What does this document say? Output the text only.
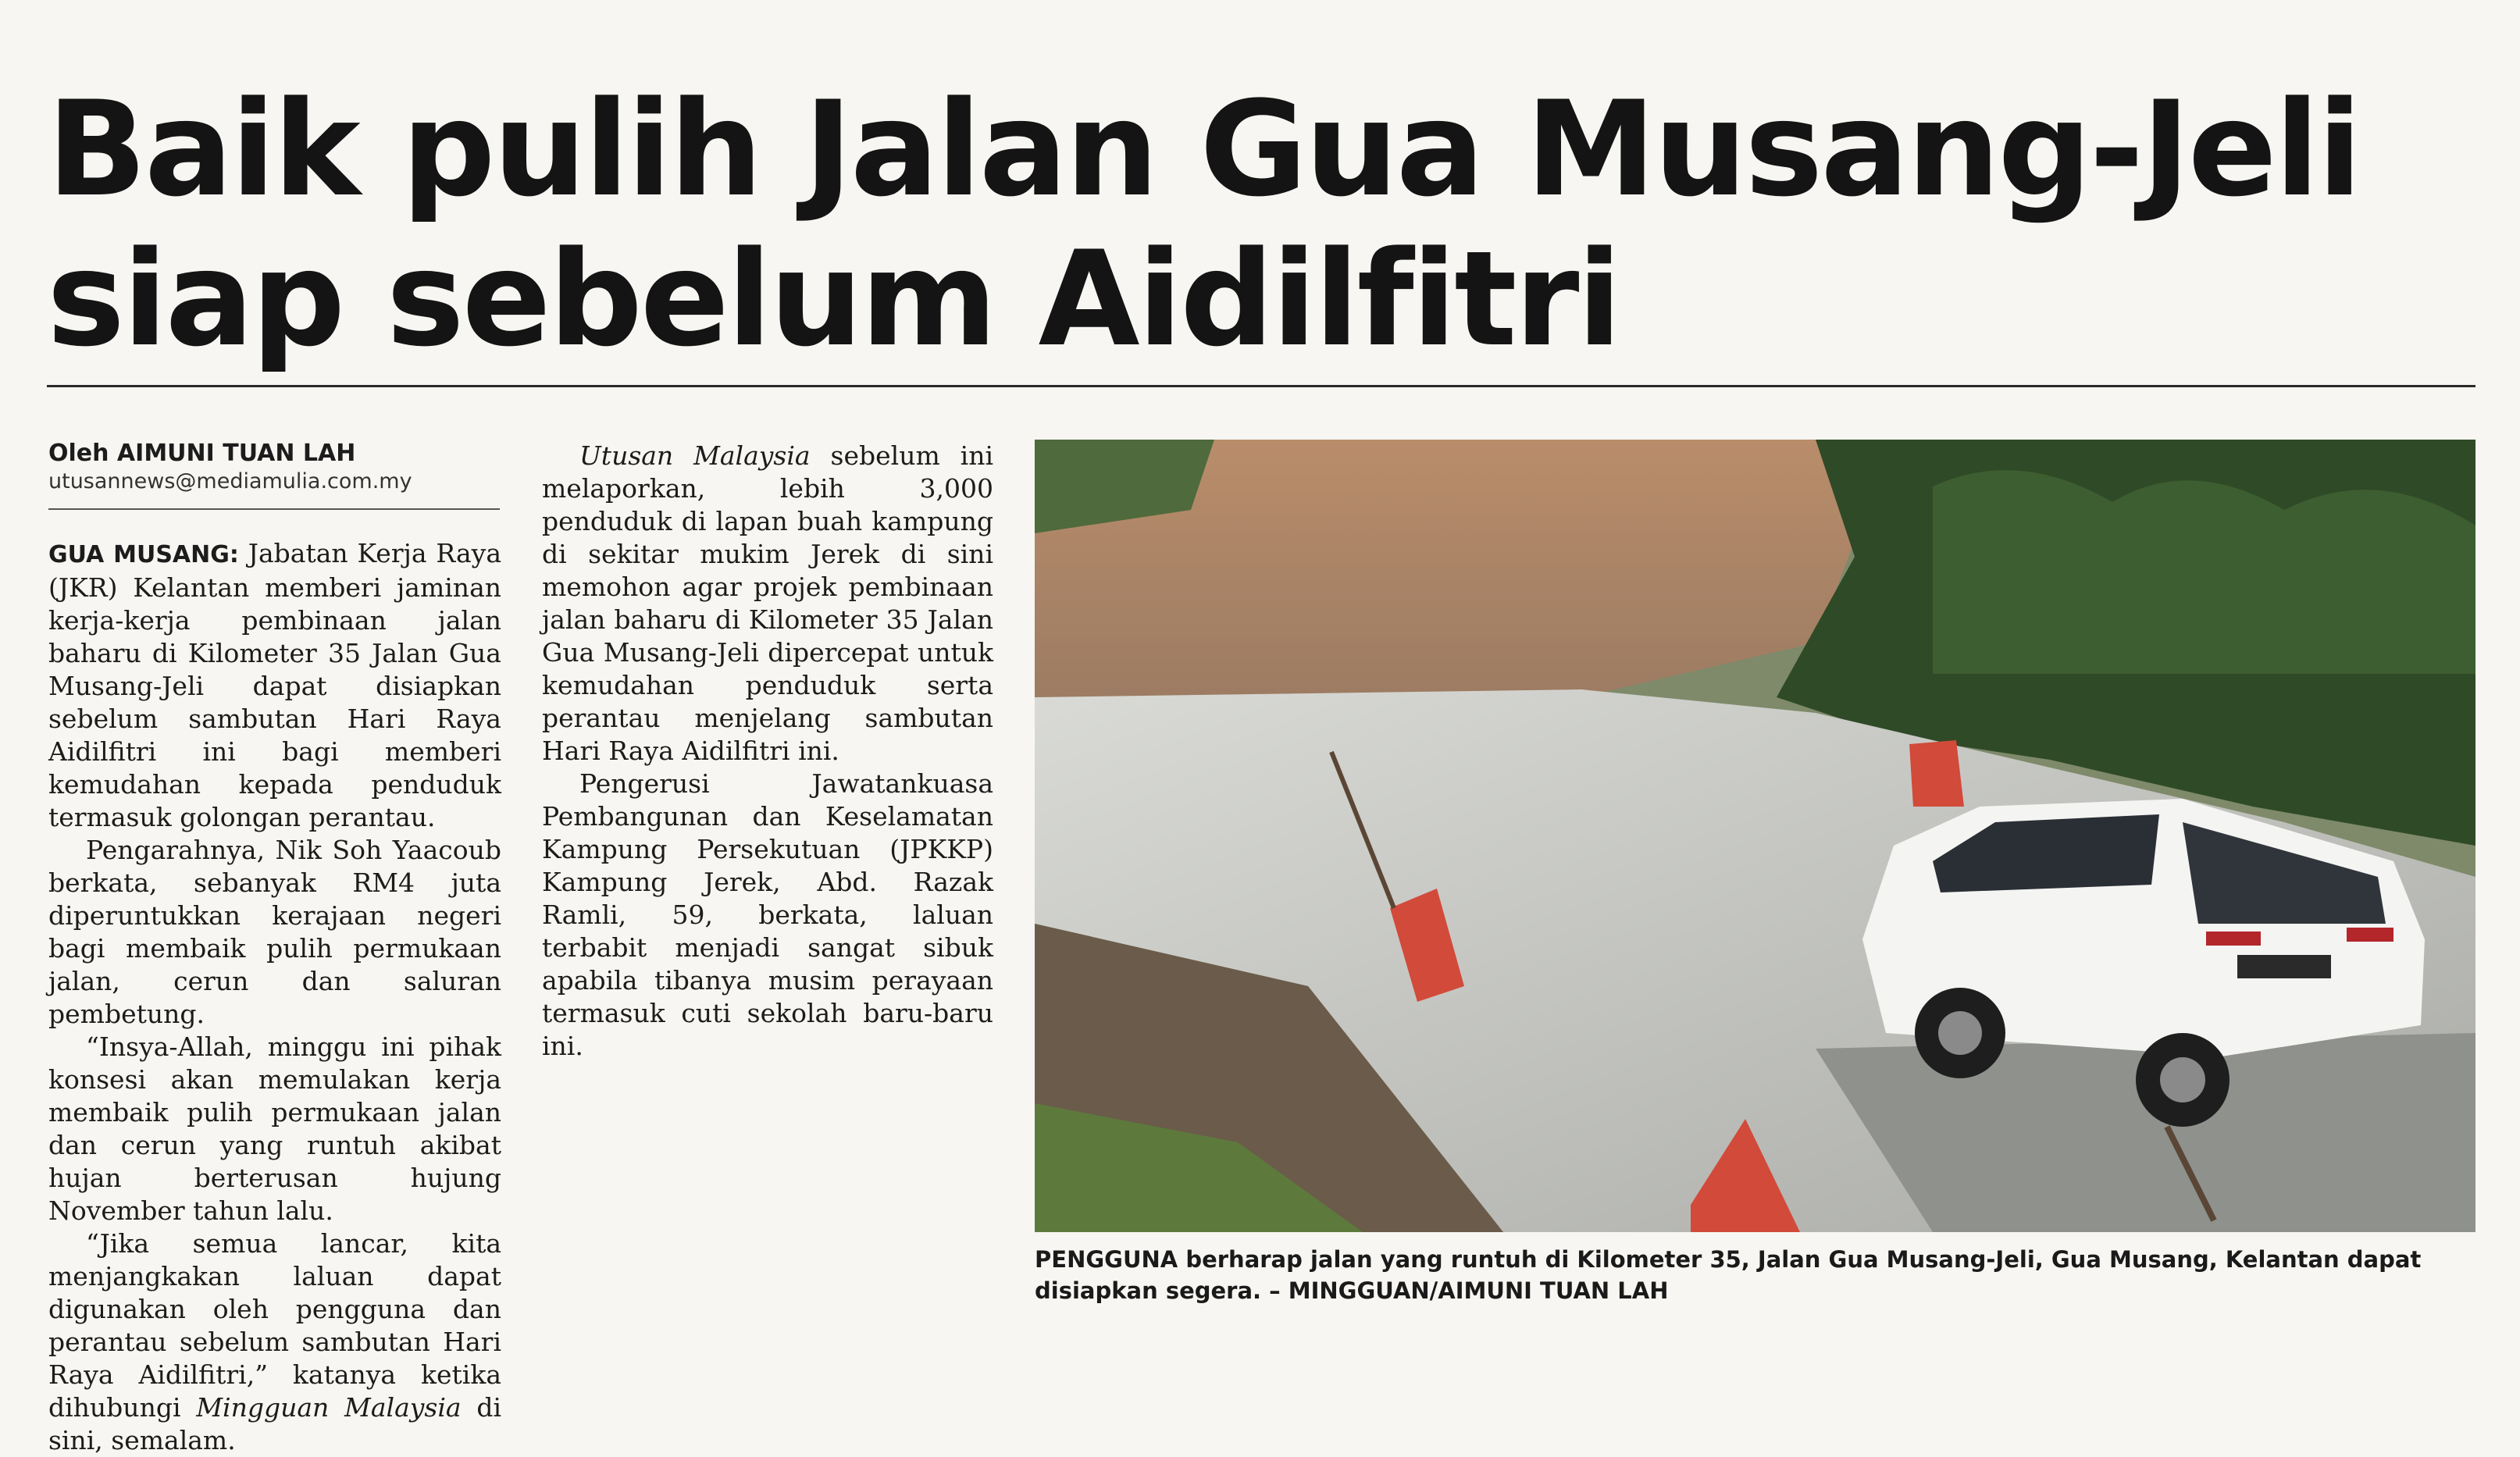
Baik pulih Jalan Gua Musang-Jeli
siap sebelum Aidilfitri
Oleh AIMUNI TUAN LAH
utusannews@mediamulia.com.my

GUA MUSANG: Jabatan Kerja Raya (JKR) Kelantan memberi jaminan kerja-kerja pembinaan jalan baharu di Kilometer 35 Jalan Gua Musang-Jeli dapat disiapkan sebelum sambutan Hari Raya Aidilfitri ini bagi memberi kemudahan kepada penduduk termasuk golongan perantau.

Pengarahnya, Nik Soh Yaacoub berkata, sebanyak RM4 juta diperuntukkan kerajaan negeri bagi membaik pulih permukaan jalan, cerun dan saluran pembetung.

“Insya-Allah, minggu ini pihak konsesi akan memulakan kerja membaik pulih permukaan jalan dan cerun yang runtuh akibat hujan berterusan hujung November tahun lalu.

“Jika semua lancar, kita menjangkakan laluan dapat digunakan oleh pengguna dan perantau sebelum sambutan Hari Raya Aidilfitri,” katanya ketika dihubungi Mingguan Malaysia di sini, semalam.

Utusan Malaysia sebelum ini melaporkan, lebih 3,000 penduduk di lapan buah kampung di sekitar mukim Jerek di sini memohon agar projek pembinaan jalan baharu di Kilometer 35 Jalan Gua Musang-Jeli dipercepat untuk kemudahan penduduk serta perantau menjelang sambutan Hari Raya Aidilfitri ini.

Pengerusi Jawatankuasa Pembangunan dan Keselamatan Kampung Persekutuan (JPKKP) Kampung Jerek, Abd. Razak Ramli, 59, berkata, laluan terbabit menjadi sangat sibuk apabila tibanya musim perayaan termasuk cuti sekolah baru-baru ini.

PENGGUNA berharap jalan yang runtuh di Kilometer 35, Jalan Gua Musang-Jeli, Gua Musang, Kelantan dapat disiapkan segera. – MINGGUAN/AIMUNI TUAN LAH
